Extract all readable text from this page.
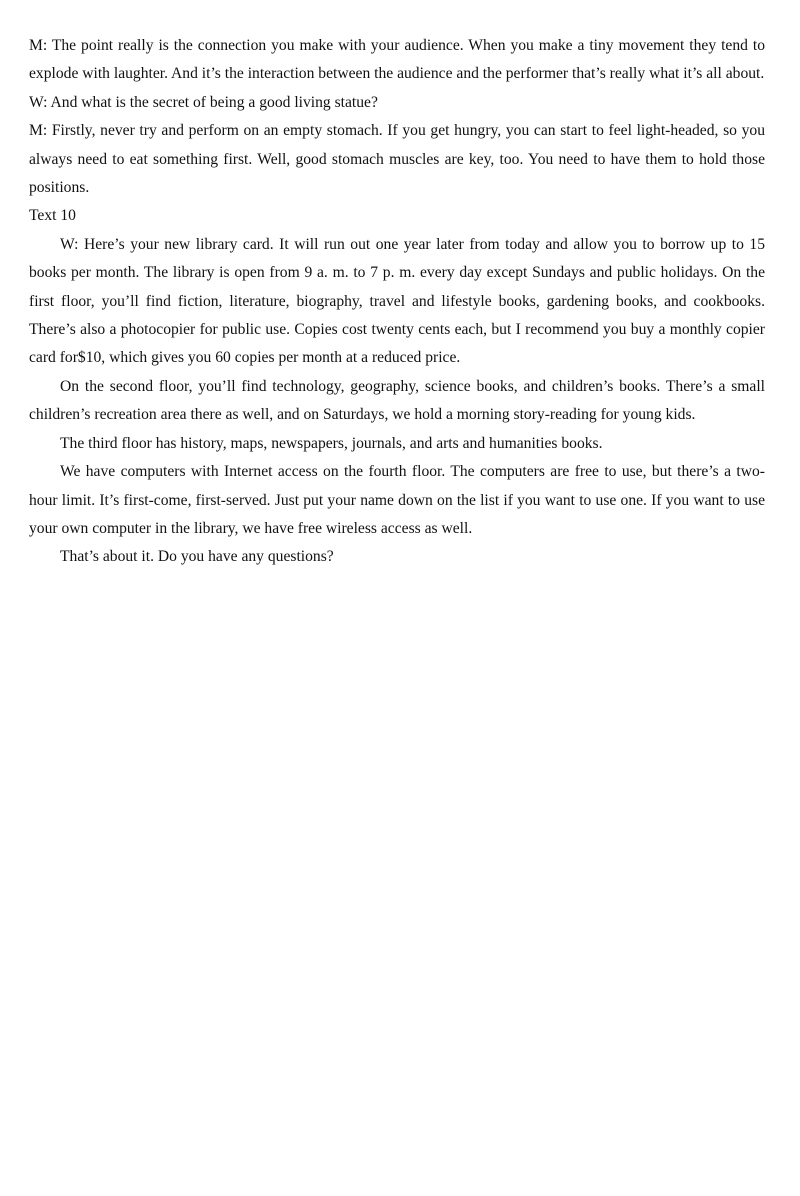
M: The point really is the connection you make with your audience. When you make a tiny movement they tend to explode with laughter. And it’s the interaction between the audience and the performer that’s really what it’s all about.

W: And what is the secret of being a good living statue?

M: Firstly, never try and perform on an empty stomach. If you get hungry, you can start to feel light-headed, so you always need to eat something first. Well, good stomach muscles are key, too. You need to have them to hold those positions.

Text 10

W: Here’s your new library card. It will run out one year later from today and allow you to borrow up to 15 books per month. The library is open from 9 a. m. to 7 p. m. every day except Sundays and public holidays. On the first floor, you’ll find fiction, literature, biography, travel and lifestyle books, gardening books, and cookbooks. There’s also a photocopier for public use. Copies cost twenty cents each, but I recommend you buy a monthly copier card for$10, which gives you 60 copies per month at a reduced price.

On the second floor, you’ll find technology, geography, science books, and children’s books. There’s a small children’s recreation area there as well, and on Saturdays, we hold a morning story-reading for young kids.

The third floor has history, maps, newspapers, journals, and arts and humanities books.

We have computers with Internet access on the fourth floor. The computers are free to use, but there’s a two-hour limit. It’s first-come, first-served. Just put your name down on the list if you want to use one. If you want to use your own computer in the library, we have free wireless access as well.

That’s about it. Do you have any questions?
